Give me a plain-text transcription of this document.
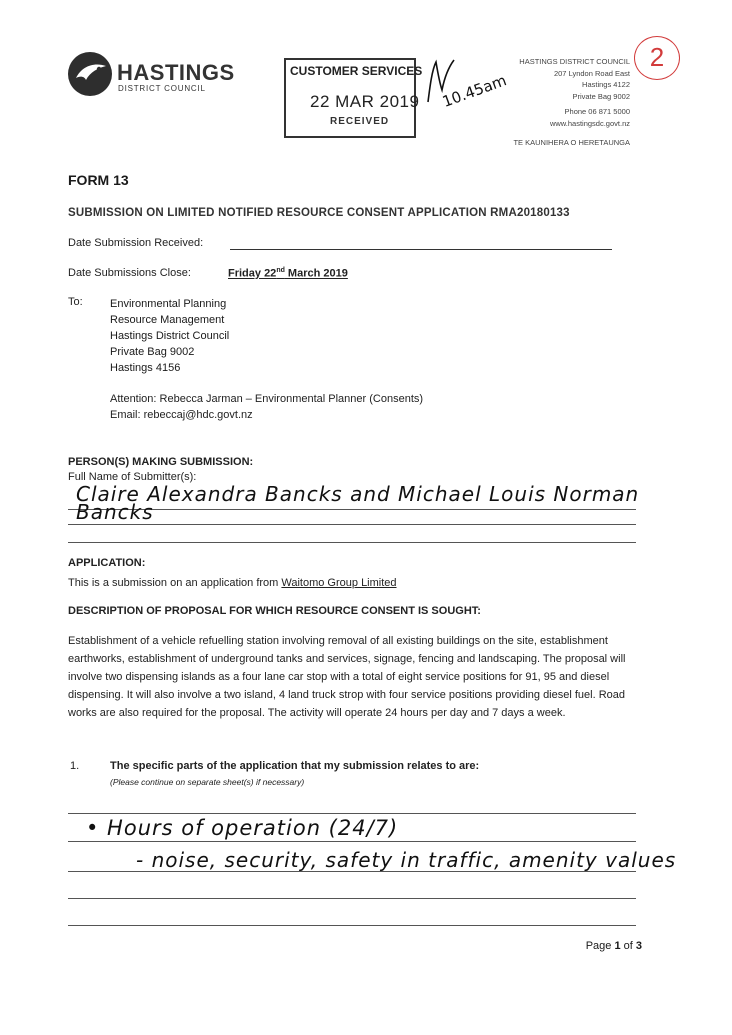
HASTINGS
DISTRICT COUNCIL
CUSTOMER SERVICES
22 MAR 2019
RECEIVED
10.45am
HASTINGS DISTRICT COUNCIL
207 Lyndon Road East
Hastings 4122
Private Bag 9002
Phone 06 871 5000
www.hastingsdc.govt.nz
TE KAUNIHERA O HERETAUNGA
2
FORM 13
SUBMISSION ON LIMITED NOTIFIED RESOURCE CONSENT APPLICATION RMA20180133
Date Submission Received:
Date Submissions Close:	Friday 22nd March 2019
To: Environmental Planning
Resource Management
Hastings District Council
Private Bag 9002
Hastings 4156
Attention: Rebecca Jarman – Environmental Planner (Consents)
Email: rebeccaj@hdc.govt.nz
PERSON(S) MAKING SUBMISSION:
Full Name of Submitter(s):
Claire Alexandra Bancks and Michael Louis Norman
Bancks
APPLICATION:
This is a submission on an application from Waitomo Group Limited
DESCRIPTION OF PROPOSAL FOR WHICH RESOURCE CONSENT IS SOUGHT:
Establishment of a vehicle refuelling station involving removal of all existing buildings on the site, establishment earthworks, establishment of underground tanks and services, signage, fencing and landscaping. The proposal will involve two dispensing islands as a four lane car stop with a total of eight service positions for 91, 95 and diesel dispensing. It will also involve a two island, 4 land truck strop with four service positions providing diesel fuel. Road works are also required for the proposal. The activity will operate 24 hours per day and 7 days a week.
1.	The specific parts of the application that my submission relates to are:
(Please continue on separate sheet(s) if necessary)
• Hours of operation (24/7)
- noise, security, safety in traffic, amenity values
Page 1 of 3
